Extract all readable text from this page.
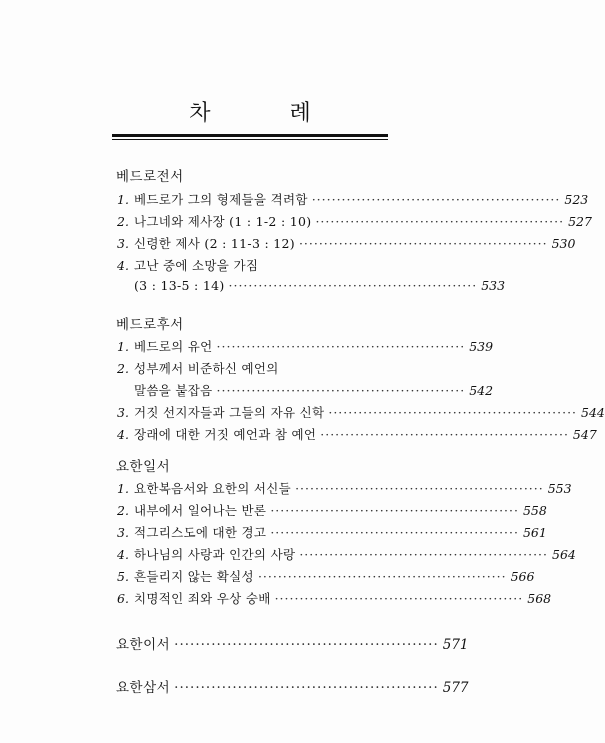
차 례
베드로전서
1. 베드로가 그의 형제들을 격려함 ·················································· 523
2. 나그네와 제사장 (1 : 1-2 : 10) ·················································· 527
3. 신령한 제사 (2 : 11-3 : 12) ·················································· 530
4. 고난 중에 소망을 가짐
(3 : 13-5 : 14) ·················································· 533
베드로후서
1. 베드로의 유언 ·················································· 539
2. 성부께서 비준하신 예언의
말씀을 붙잡음 ·················································· 542
3. 거짓 선지자들과 그들의 자유 신학 ·················································· 544
4. 장래에 대한 거짓 예언과 참 예언 ·················································· 547
요한일서
1. 요한복음서와 요한의 서신들 ·················································· 553
2. 내부에서 일어나는 반론 ·················································· 558
3. 적그리스도에 대한 경고 ·················································· 561
4. 하나님의 사랑과 인간의 사랑 ·················································· 564
5. 흔들리지 않는 확실성 ·················································· 566
6. 치명적인 죄와 우상 숭배 ·················································· 568
요한이서 ·················································· 571
요한삼서 ·················································· 577
